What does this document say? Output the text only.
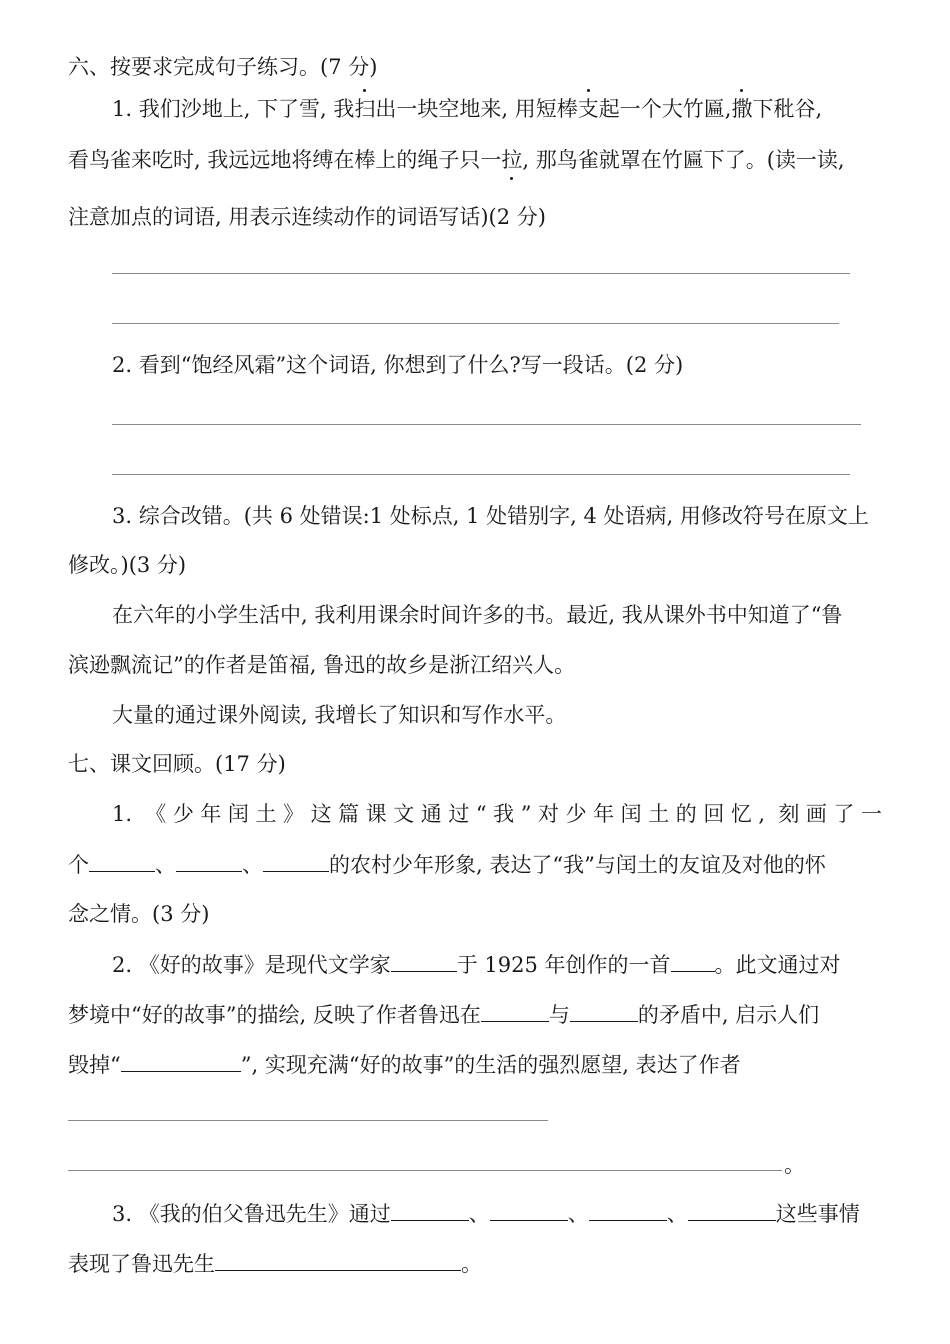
六、按要求完成句子练习。(7 分)
1. 我们沙地上, 下了雪, 我扫出一块空地来, 用短棒支起一个大竹匾,撒下秕谷,
看鸟雀来吃时, 我远远地将缚在棒上的绳子只一拉, 那鸟雀就罩在竹匾下了。(读一读,
注意加点的词语, 用表示连续动作的词语写话)(2 分)
2. 看到“饱经风霜”这个词语, 你想到了什么?写一段话。(2 分)
3. 综合改错。(共 6 处错误:1 处标点, 1 处错别字, 4 处语病, 用修改符号在原文上
修改。)(3 分)
在六年的小学生活中, 我利用课余时间许多的书。最近, 我从课外书中知道了“鲁
滨逊飘流记”的作者是笛福, 鲁迅的故乡是浙江绍兴人。
大量的通过课外阅读, 我增长了知识和写作水平。
七、课文回顾。(17 分)
1. 《少年闰土》这篇课文通过“我”对少年闰土的回忆, 刻画了一
个	、	、	的农村少年形象, 表达了“我”与闰土的友谊及对他的怀
念之情。(3 分)
2. 《好的故事》是现代文学家	于 1925 年创作的一首 。此文通过对
梦境中“好的故事”的描绘, 反映了作者鲁迅在	与	的矛盾中, 启示人们
毁掉“	”, 实现充满“好的故事”的生活的强烈愿望, 表达了作者
。
3. 《我的伯父鲁迅先生》通过	、	、	、	这些事情
表现了鲁迅先生	。
